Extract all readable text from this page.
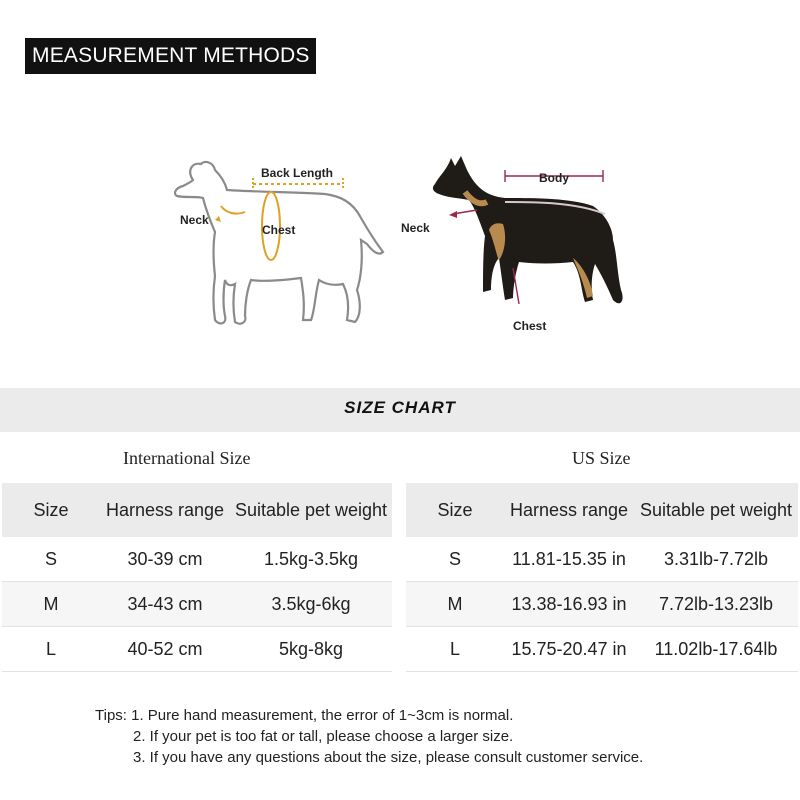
MEASUREMENT METHODS
Back Length
Neck
Chest
Body
Neck
Chest
SIZE CHART
International Size	US Size
Size	Harness range	Suitable pet weight
S	30-39 cm	1.5kg-3.5kg
M	34-43 cm	3.5kg-6kg
L	40-52 cm	5kg-8kg
Size	Harness range	Suitable pet weight
S	11.81-15.35 in	3.31lb-7.72lb
M	13.38-16.93 in	7.72lb-13.23lb
L	15.75-20.47 in	11.02lb-17.64lb
Tips: 1. Pure hand measurement, the error of 1~3cm is normal.
2. If your pet is too fat or tall, please choose a larger size.
3. If you have any questions about the size, please consult customer service.
